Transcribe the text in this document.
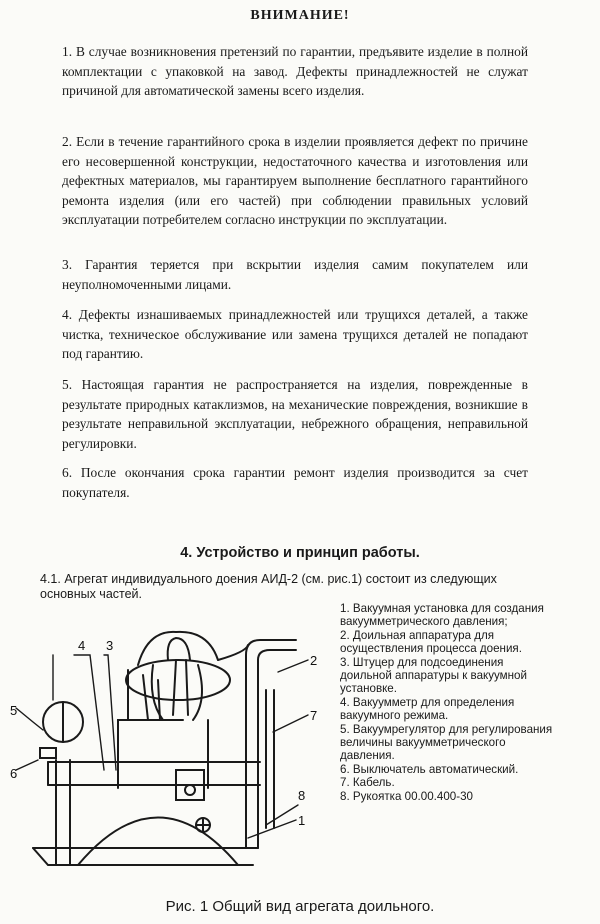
ВНИМАНИЕ!

1. В случае возникновения претензий по гарантии, предъявите изделие в полной комплектации с упаковкой на завод. Дефекты принадлежностей не служат причиной для автоматической замены всего изделия.

2. Если в течение гарантийного срока в изделии проявляется дефект по причине его несовершенной конструкции, недостаточного качества и изготовления или дефектных материалов, мы гарантируем выполнение бесплатного гарантийного ремонта изделия (или его частей) при соблюдении правильных условий эксплуатации потребителем согласно инструкции по эксплуатации.

3. Гарантия теряется при вскрытии изделия самим покупателем или неуполномоченными лицами.

4. Дефекты изнашиваемых принадлежностей или трущихся деталей, а также чистка, техническое обслуживание или замена трущихся деталей не попадают под гарантию.

5. Настоящая гарантия не распространяется на изделия, поврежденные в результате природных катаклизмов, на механические повреждения, возникшие в результате неправильной эксплуатации, небрежного обращения, неправильной регулировки.

6. После окончания срока гарантии ремонт изделия производится за счет покупателя.

4. Устройство и принцип работы.

4.1. Агрегат индивидуального доения АИД-2 (см. рис.1) состоит из следующих основных частей.

1. Вакуумная установка для создания вакуумметрического давления;
2. Доильная аппаратура для осуществления процесса доения.
3. Штуцер для подсоединения доильной аппаратуры к вакуумной установке.
4. Вакуумметр для определения вакуумного режима.
5. Вакуумрегулятор для регулирования величины вакуумметрического давления.
6. Выключатель автоматический.
7. Кабель.
8. Рукоятка 00.00.400-30
5
6
4 3
2
7
8
1

Рис. 1 Общий вид агрегата доильного.
